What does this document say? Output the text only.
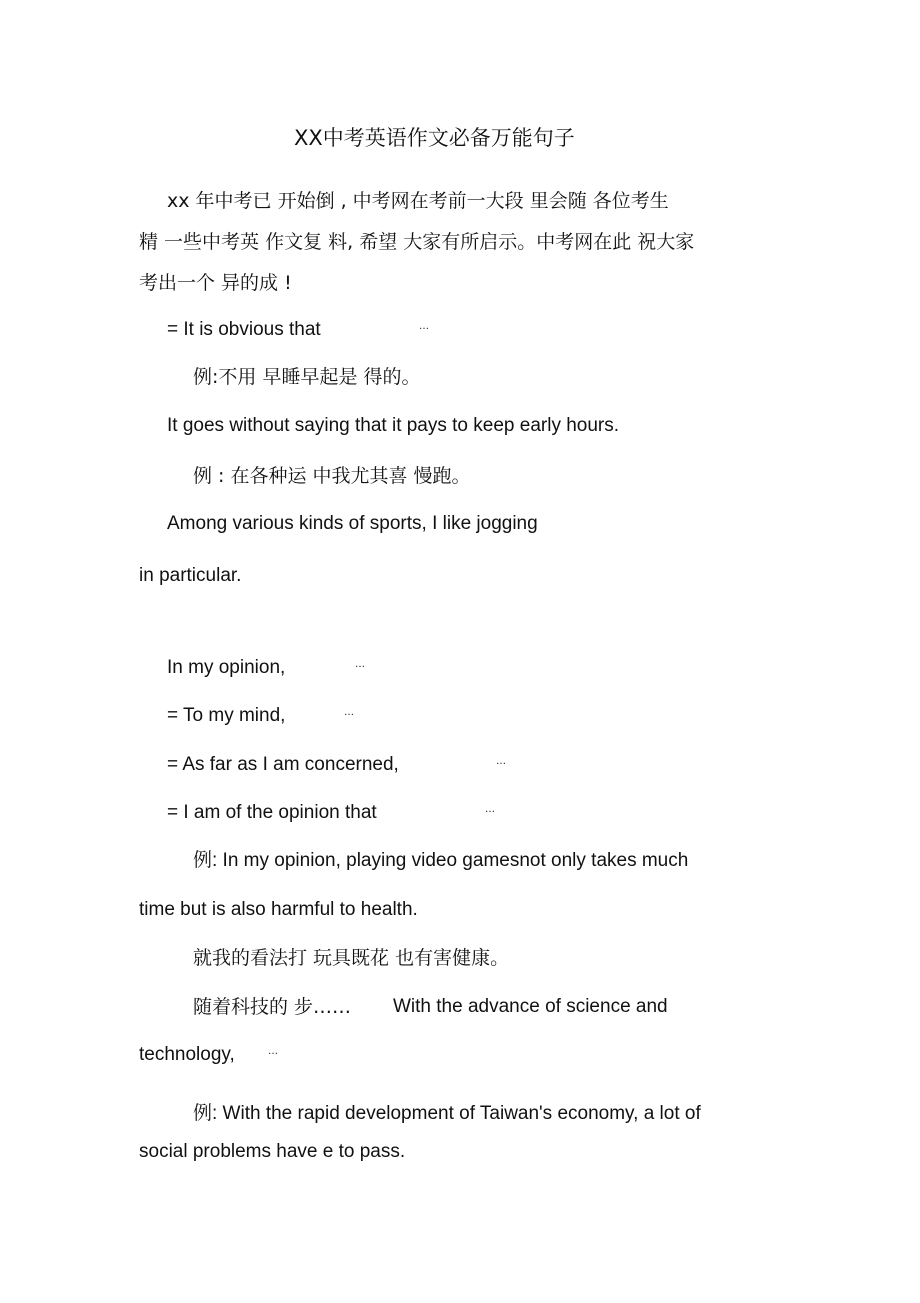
XX中考英语作文必备万能句子
xx 年中考已 开始倒 , 中考网在考前一大段 里会随 各位考生
精 一些中考英 作文复 料, 希望 大家有所启示。中考网在此 祝大家
考出一个 异的成 !
= It is obvious that	…
例:不用 早睡早起是 得的。
It goes without saying that it pays to keep early hours.
例 : 在各种运 中我尤其喜 慢跑。
Among various kinds of sports, I like jogging
in particular.
In my opinion,	…
= To my mind,	…
= As far as I am concerned,	…
= I am of the opinion that	…
例: In my opinion, playing video gamesnot only takes much
time but is also harmful to health.
就我的看法打 玩具既花 也有害健康。
随着科技的 步…… With the advance of science and
technology,	…
例: With the rapid development of Taiwan's economy, a lot of
social problems have e to pass.
